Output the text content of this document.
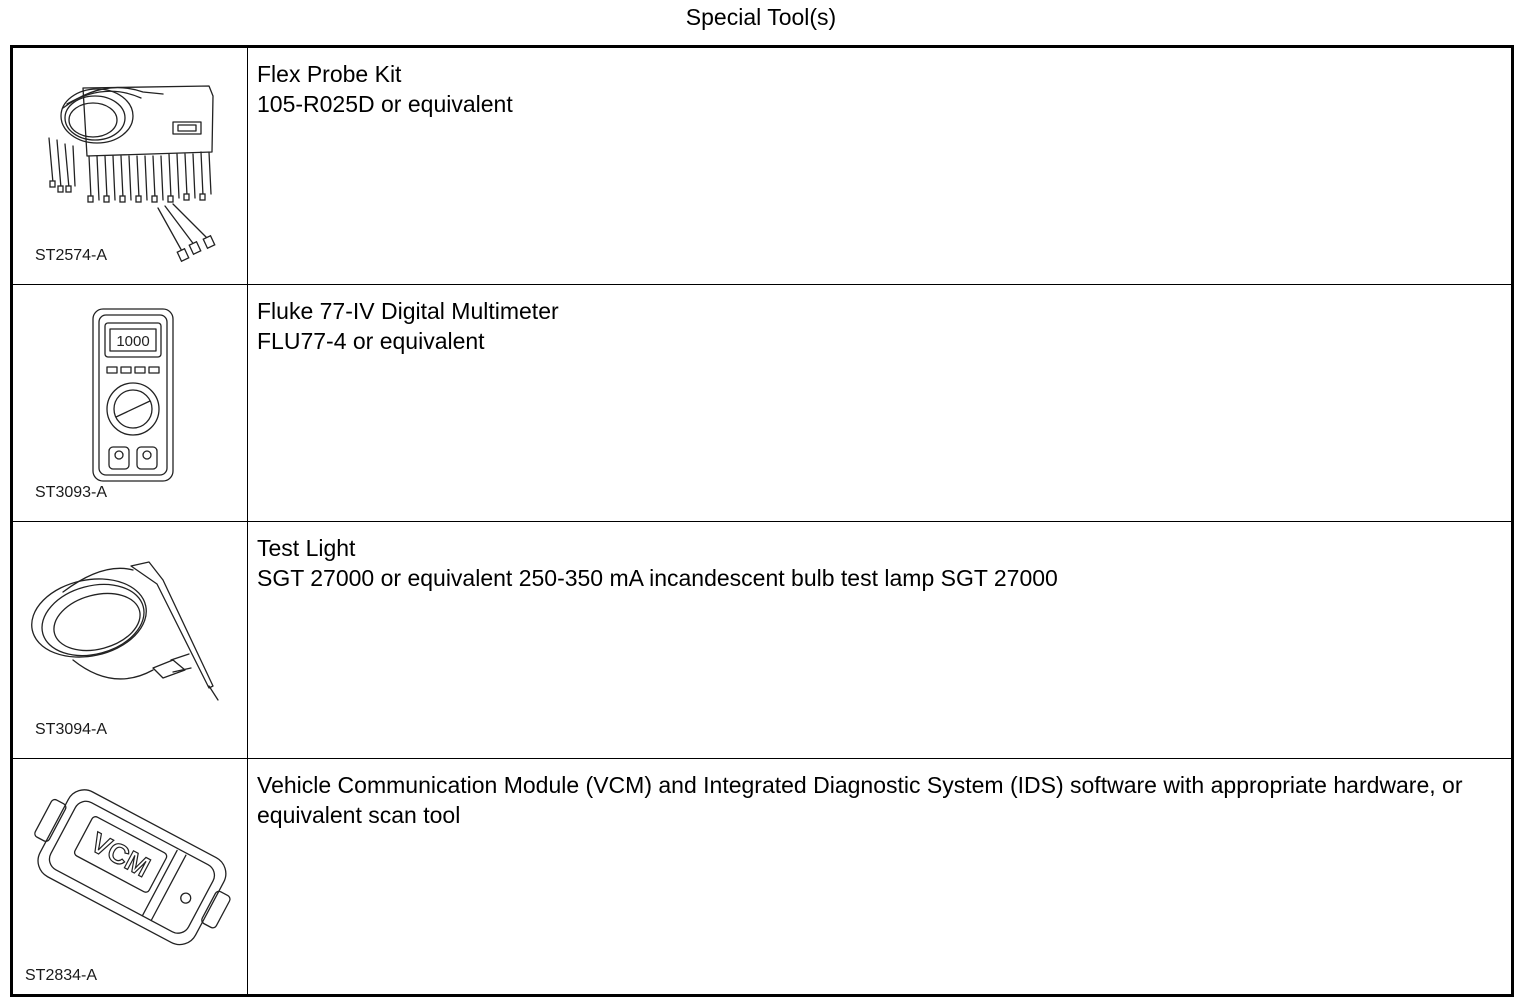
Special Tool(s)
ST2574-A
Flex Probe Kit
105-R025D or equivalent
1000
ST3093-A
Fluke 77-IV Digital Multimeter
FLU77-4 or equivalent
ST3094-A
Test Light
SGT 27000 or equivalent 250-350 mA incandescent bulb test lamp SGT 27000
VCM
ST2834-A
Vehicle Communication Module (VCM) and Integrated Diagnostic System (IDS) software with appropriate hardware, or equivalent scan tool
